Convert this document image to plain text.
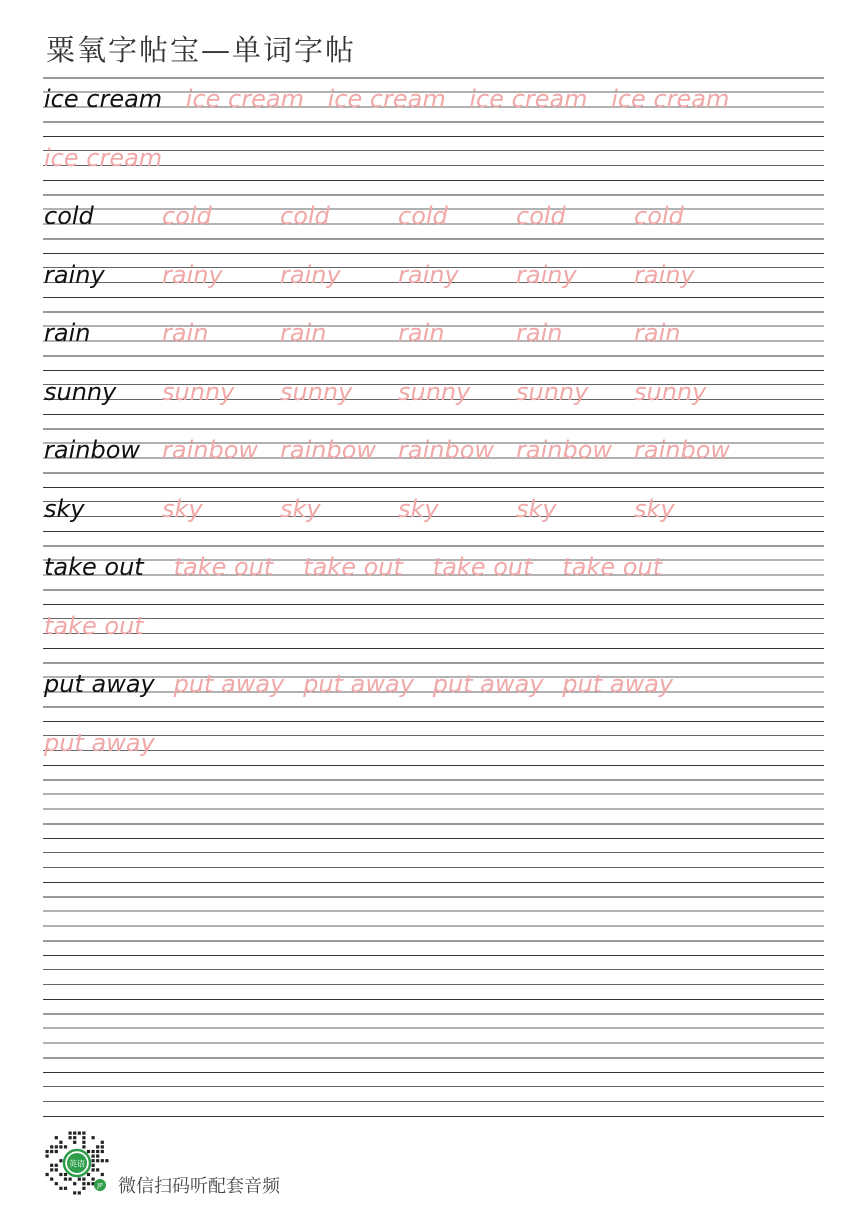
粟氧字帖宝—单词字帖
ice cream ice cream ice cream ice cream ice cream
ice cream
cold	cold	cold	cold	cold	cold
rainy rainy rainy rainy rainy rainy
rain	rain	rain	rain	rain	rain
sunny sunny sunny sunny sunny sunny
rainbow rainbow rainbow rainbow rainbow rainbow
sky	sky	sky	sky	sky	sky
take out take out take out take out take out
take out
put away put away put away put away put away
put away
英语
JP 微信扫码听配套音频
